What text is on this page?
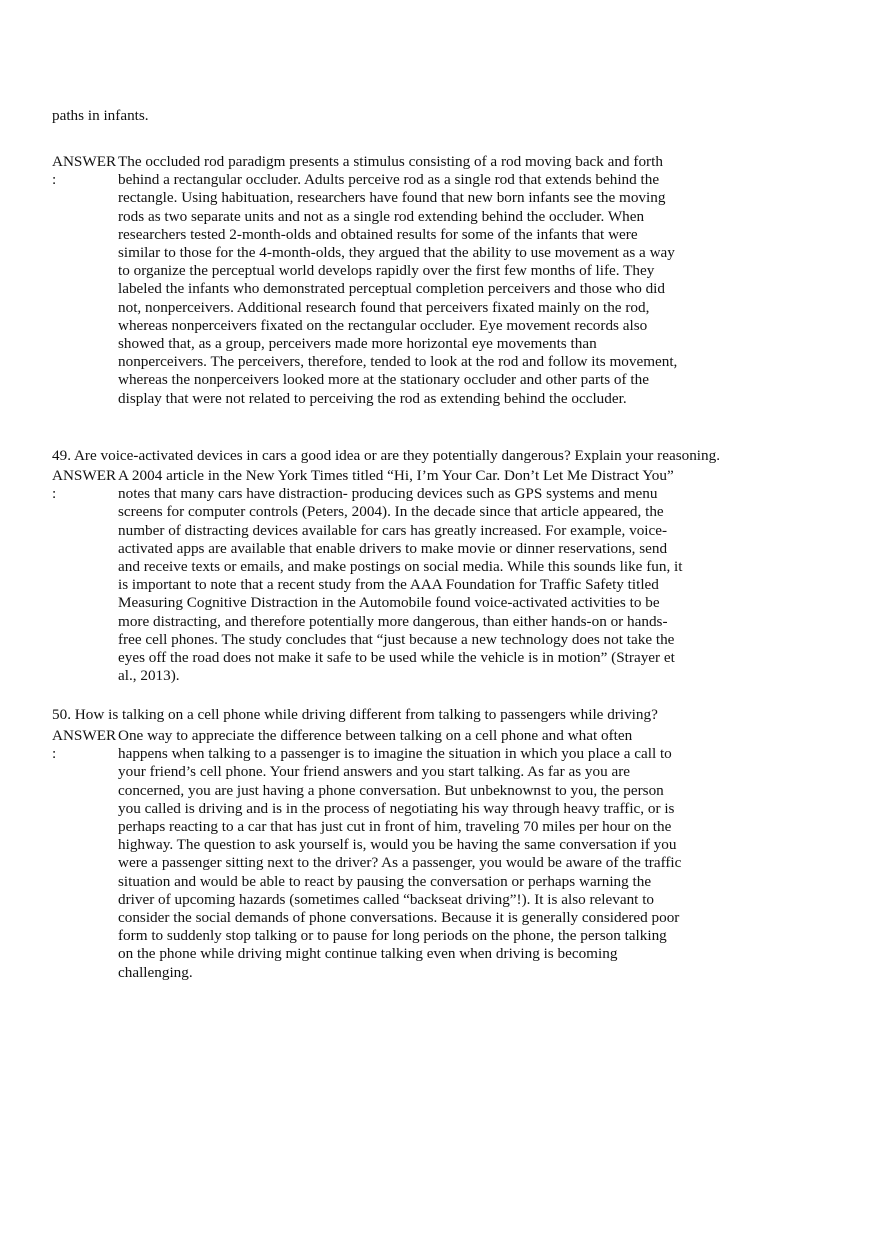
paths in infants.
ANSWER
:
The occluded rod paradigm presents a stimulus consisting of a rod moving back and forth behind a rectangular occluder. Adults perceive rod as a single rod that extends behind the rectangle. Using habituation, researchers have found that new born infants see the moving rods as two separate units and not as a single rod extending behind the occluder. When researchers tested 2-month-olds and obtained results for some of the infants that were similar to those for the 4-month-olds, they argued that the ability to use movement as a way to organize the perceptual world develops rapidly over the first few months of life. They labeled the infants who demonstrated perceptual completion perceivers and those who did not, nonperceivers. Additional research found that perceivers fixated mainly on the rod, whereas nonperceivers fixated on the rectangular occluder. Eye movement records also showed that, as a group, perceivers made more horizontal eye movements than nonperceivers. The perceivers, therefore, tended to look at the rod and follow its movement, whereas the nonperceivers looked more at the stationary occluder and other parts of the display that were not related to perceiving the rod as extending behind the occluder.
49. Are voice-activated devices in cars a good idea or are they potentially dangerous? Explain your reasoning.
ANSWER
:
A 2004 article in the New York Times titled “Hi, I’m Your Car. Don’t Let Me Distract You” notes that many cars have distraction- producing devices such as GPS systems and menu screens for computer controls (Peters, 2004). In the decade since that article appeared, the number of distracting devices available for cars has greatly increased. For example, voice-activated apps are available that enable drivers to make movie or dinner reservations, send and receive texts or emails, and make postings on social media. While this sounds like fun, it is important to note that a recent study from the AAA Foundation for Traffic Safety titled Measuring Cognitive Distraction in the Automobile found voice-activated activities to be more distracting, and therefore potentially more dangerous, than either hands-on or hands-free cell phones. The study concludes that “just because a new technology does not take the eyes off the road does not make it safe to be used while the vehicle is in motion” (Strayer et al., 2013).
50. How is talking on a cell phone while driving different from talking to passengers while driving?
ANSWER
:
One way to appreciate the difference between talking on a cell phone and what often happens when talking to a passenger is to imagine the situation in which you place a call to your friend’s cell phone. Your friend answers and you start talking. As far as you are concerned, you are just having a phone conversation. But unbeknownst to you, the person you called is driving and is in the process of negotiating his way through heavy traffic, or is perhaps reacting to a car that has just cut in front of him, traveling 70 miles per hour on the highway. The question to ask yourself is, would you be having the same conversation if you were a passenger sitting next to the driver? As a passenger, you would be aware of the traffic situation and would be able to react by pausing the conversation or perhaps warning the driver of upcoming hazards (sometimes called “backseat driving”!). It is also relevant to consider the social demands of phone conversations. Because it is generally considered poor form to suddenly stop talking or to pause for long periods on the phone, the person talking on the phone while driving might continue talking even when driving is becoming challenging.
